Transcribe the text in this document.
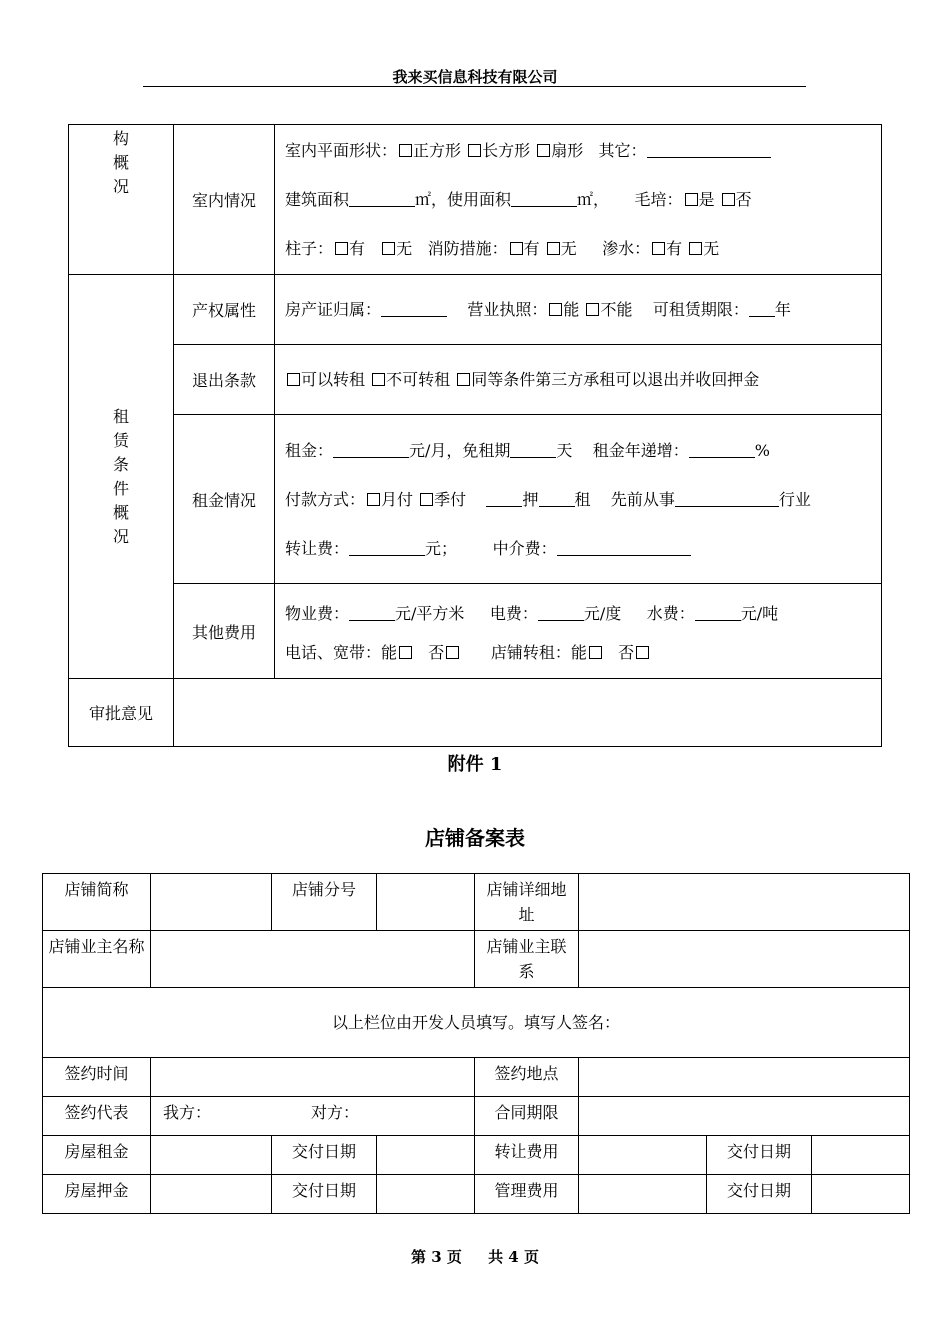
我来买信息科技有限公司
构概况	室内情况	室内平面形状： 正方形 长方形 扇形 其它：
建筑面积 ㎡，使用面积 ㎡， 毛培： 是 否
柱子： 有 无 消防措施： 有 无 渗水： 有 无

租赁条件概况	产权属性	房产证归属： 营业执照： 能 不能 可租赁期限： 年

	退出条款	可以转租 不可转租 同等条件第三方承租可以退出并收回押金

	租金情况	租金： 元/月，免租期 天 租金年递增： %
付款方式： 月付 季付 押 租 先前从事 行业
转让费： 元； 中介费：

	其他费用	物业费： 元/平方米 电费： 元/度 水费： 元/吨
电话、宽带：能 否 店铺转租：能 否

审批意见		
附件 1
店铺备案表
店铺简称		店铺分号		店铺详细地址			
店铺业主名称				店铺业主联系			
以上栏位由开发人员填写。填写人签名：							
签约时间				签约地点			
签约代表	我方： 对方：			合同期限			
房屋租金		交付日期		转让费用		交付日期	
房屋押金		交付日期		管理费用		交付日期	
第 3 页 共 4 页
